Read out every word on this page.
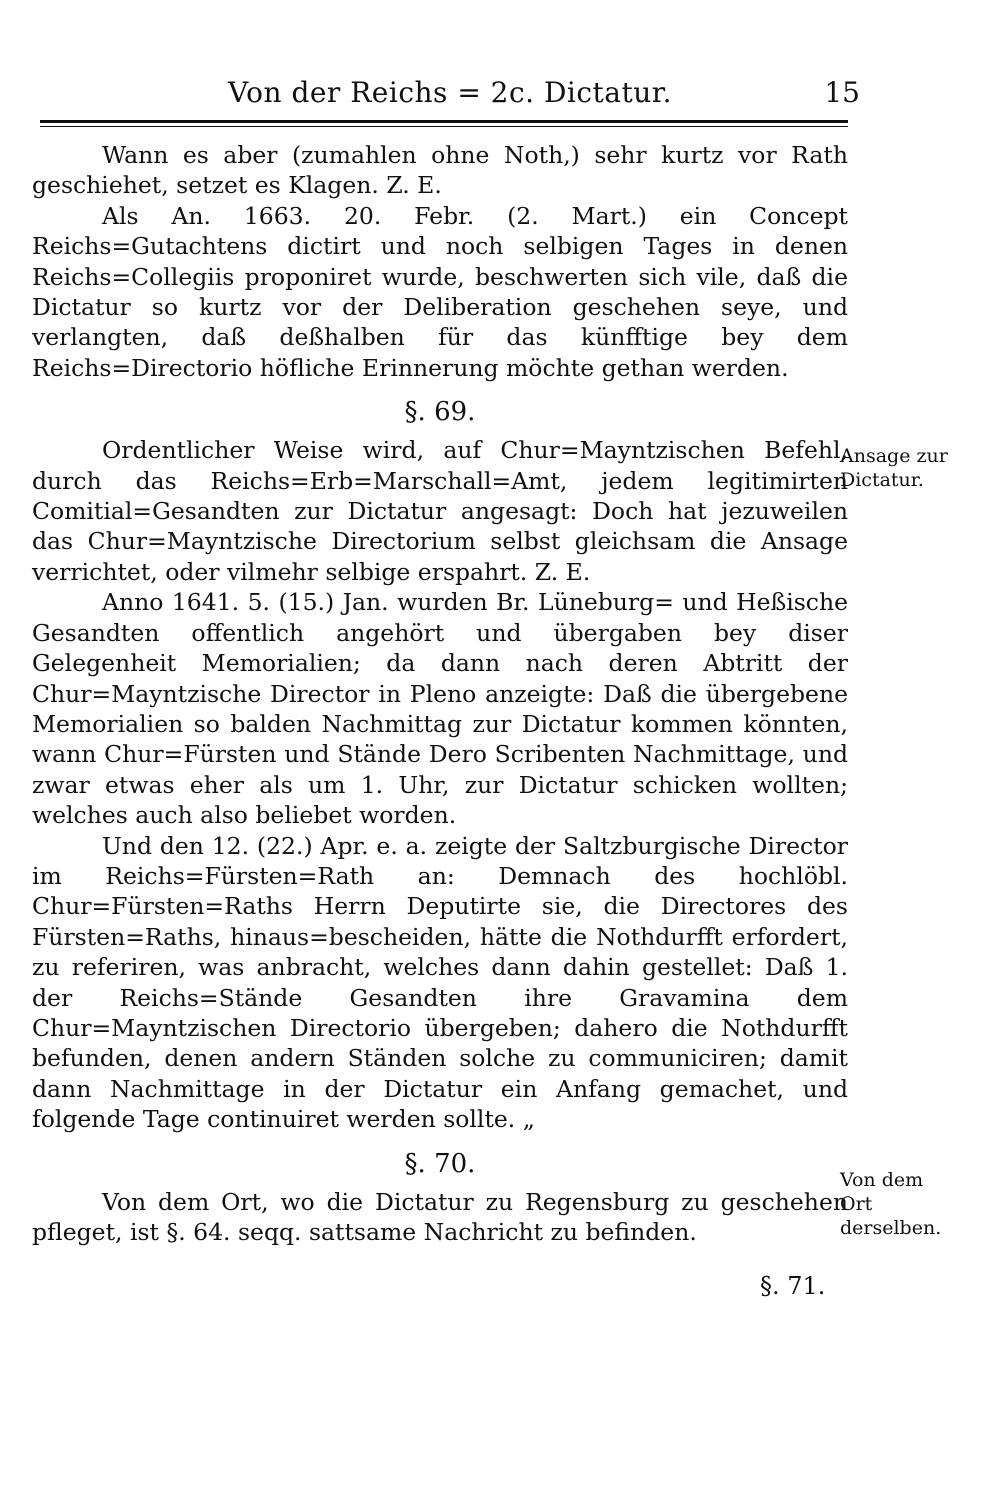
Von der Reichs = 2c. Dictatur.	15

Wann es aber (zumahlen ohne Noth,) sehr kurtz vor Rath geschiehet, setzet es Klagen. Z. E.

Als An. 1663. 20. Febr. (2. Mart.) ein Concept Reichs=Gutachtens dictirt und noch selbigen Tages in denen Reichs=Collegiis proponiret wurde, beschwerten sich vile, daß die Dictatur so kurtz vor der Deliberation geschehen seye, und verlangten, daß deßhalben für das künfftige bey dem Reichs=Directorio höfliche Erinnerung möchte gethan werden.

§. 69.

Ordentlicher Weise wird, auf Chur=Mayntzischen Befehl, durch das Reichs=Erb=Marschall=Amt, jedem legitimirten Comitial=Gesandten zur Dictatur angesagt: Doch hat jezuweilen das Chur=Mayntzische Directorium selbst gleichsam die Ansage verrichtet, oder vilmehr selbige erspahrt. Z. E.

Anno 1641. 5. (15.) Jan. wurden Br. Lüneburg= und Heßische Gesandten offentlich angehört und übergaben bey diser Gelegenheit Memorialien; da dann nach deren Abtritt der Chur=Mayntzische Director in Pleno anzeigte: Daß die übergebene Memorialien so balden Nachmittag zur Dictatur kommen könnten, wann Chur=Fürsten und Stände Dero Scribenten Nachmittage, und zwar etwas eher als um 1. Uhr, zur Dictatur schicken wollten; welches auch also beliebet worden.

Und den 12. (22.) Apr. e. a. zeigte der Saltzburgische Director im Reichs=Fürsten=Rath an: Demnach des hochlöbl. Chur=Fürsten=Raths Herrn Deputirte sie, die Directores des Fürsten=Raths, hinaus=bescheiden, hätte die Nothdurfft erfordert, zu referiren, was anbracht, welches dann dahin gestellet: Daß 1. der Reichs=Stände Gesandten ihre Gravamina dem Chur=Mayntzischen Directorio übergeben; dahero die Nothdurfft befunden, denen andern Ständen solche zu communiciren; damit dann Nachmittage in der Dictatur ein Anfang gemachet, und folgende Tage continuiret werden sollte. „

§. 70.

Von dem Ort, wo die Dictatur zu Regensburg zu geschehen pfleget, ist §. 64. seqq. sattsame Nachricht zu befinden.

Ansage zur Dictatur.
Von dem Ort derselben.
§. 71.
